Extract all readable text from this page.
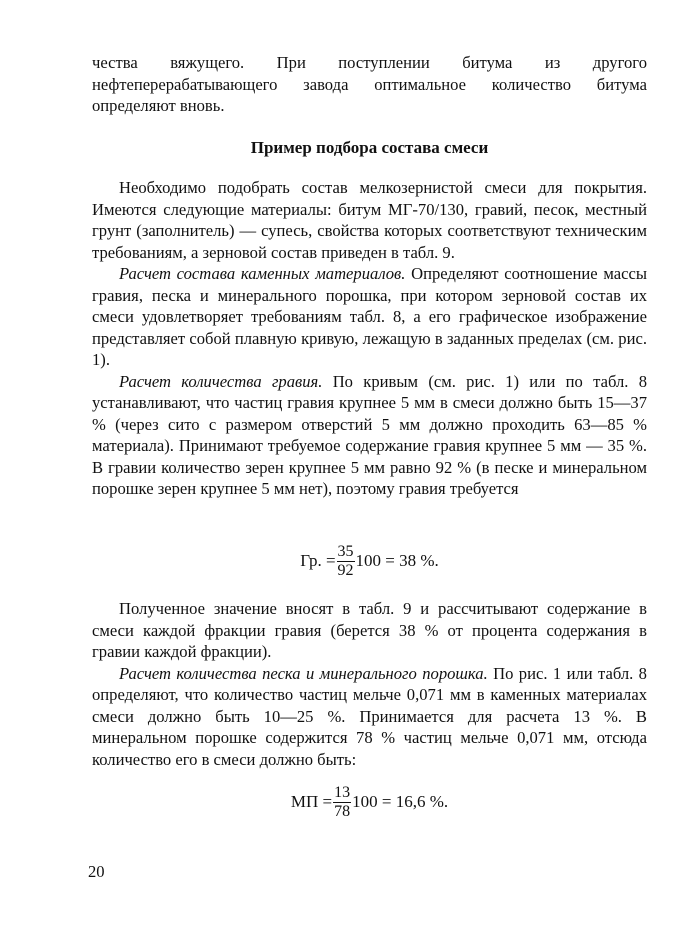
чества вяжущего. При поступлении битума из другого нефтеперерабатывающего завода оптимальное количество битума определяют вновь.

Пример подбора состава смеси

Необходимо подобрать состав мелкозернистой смеси для покрытия. Имеются следующие материалы: битум МГ-70/130, гравий, песок, местный грунт (заполнитель) — супесь, свойства которых соответствуют техническим требованиям, а зерновой состав приведен в табл. 9.

Расчет состава каменных материалов. Определяют соотношение массы гравия, песка и минерального порошка, при котором зерновой состав их смеси удовлетворяет требованиям табл. 8, а его графическое изображение представляет собой плавную кривую, лежащую в заданных пределах (см. рис. 1).

Расчет количества гравия. По кривым (см. рис. 1) или по табл. 8 устанавливают, что частиц гравия крупнее 5 мм в смеси должно быть 15—37 % (через сито с размером отверстий 5 мм должно проходить 63—85 % материала). Принимают требуемое содержание гравия крупнее 5 мм — 35 %. В гравии количество зерен крупнее 5 мм равно 92 % (в песке и минеральном порошке зерен крупнее 5 мм нет), поэтому гравия требуется

Гр. = $\frac{35}{92} 100 = 38$ %.

Полученное значение вносят в табл. 9 и рассчитывают содержание в смеси каждой фракции гравия (берется 38 % от процента содержания в гравии каждой фракции).

Расчет количества песка и минерального порошка. По рис. 1 или табл. 8 определяют, что количество частиц мельче 0,071 мм в каменных материалах смеси должно быть 10—25 %. Принимается для расчета 13 %. В минеральном порошке содержится 78 % частиц мельче 0,071 мм, отсюда количество его в смеси должно быть:

МП = $\frac{13}{78} 100 = 16,6$ %.

20
